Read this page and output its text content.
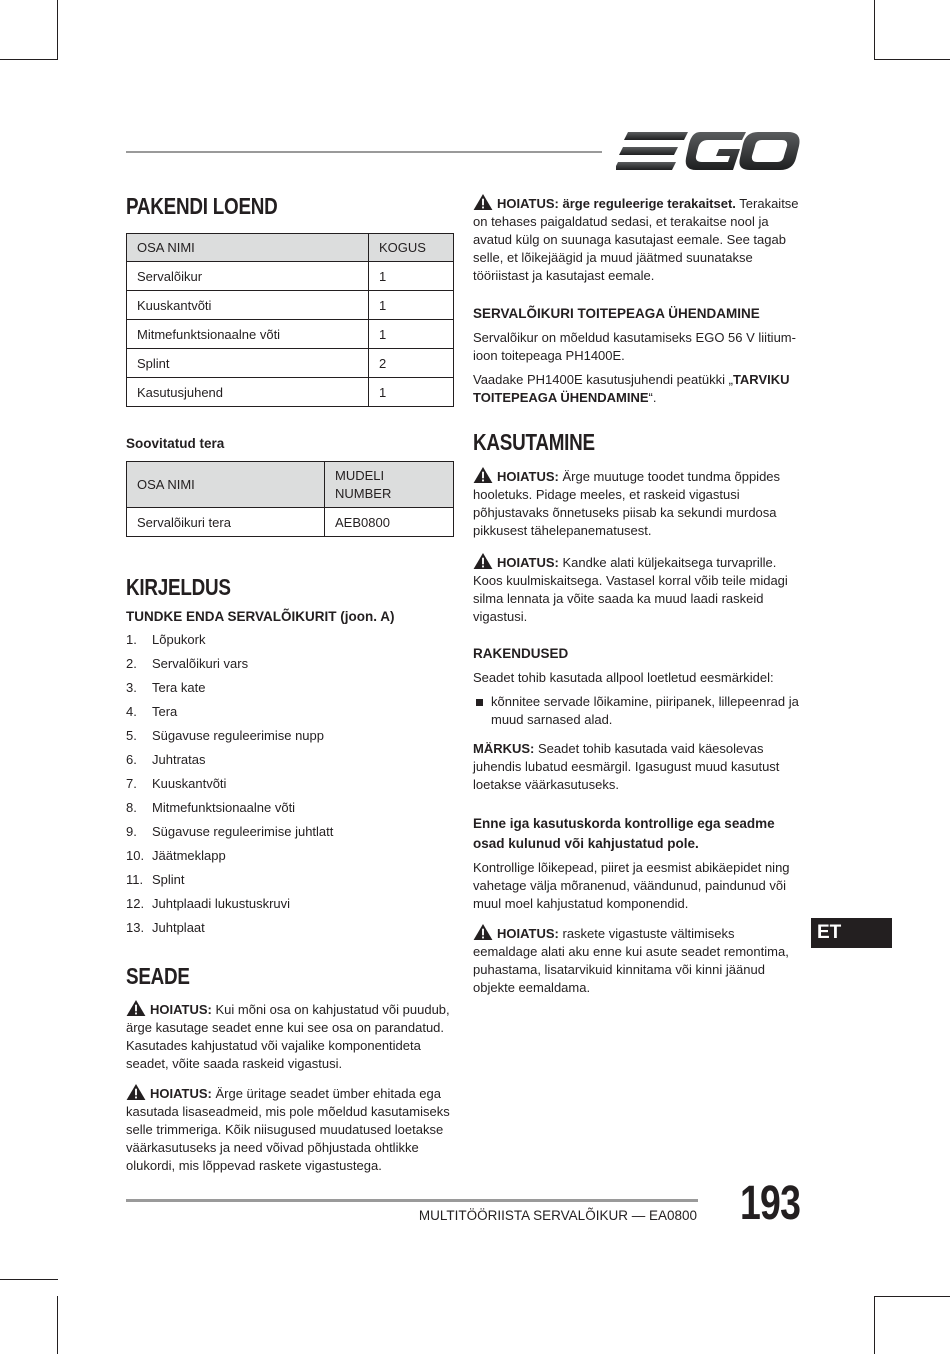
PAKENDI LOEND
OSA NIMI	KOGUS
Servalõikur	1
Kuuskantvõti	1
Mitmefunktsionaalne võti	1
Splint	2
Kasutusjuhend	1
Soovitatud tera
OSA NIMI	MUDELI NUMBER
Servalõikuri tera	AEB0800
KIRJELDUS
TUNDKE ENDA SERVALÕIKURIT (joon. A)
1.	Lõpukork
2.	Servalõikuri vars
3.	Tera kate
4.	Tera
5.	Sügavuse reguleerimise nupp
6.	Juhtratas
7.	Kuuskantvõti
8.	Mitmefunktsionaalne võti
9.	Sügavuse reguleerimise juhtlatt
10. Jäätmeklapp
11. Splint
12. Juhtplaadi lukustuskruvi
13. Juhtplaat
SEADE

HOIATUS: Kui mõni osa on kahjustatud või puudub, ärge kasutage seadet enne kui see osa on parandatud. Kasutades kahjustatud või vajalike komponentideta seadet, võite saada raskeid vigastusi.

HOIATUS: Ärge üritage seadet ümber ehitada ega kasutada lisaseadmeid, mis pole mõeldud kasutamiseks selle trimmeriga. Kõik niisugused muudatused loetakse väärkasutuseks ja need võivad põhjustada ohtlikke olukordi, mis lõppevad raskete vigastustega.

HOIATUS: ärge reguleerige terakaitset. Terakaitse on tehases paigaldatud sedasi, et terakaitse nool ja avatud külg on suunaga kasutajast eemale. See tagab selle, et lõikejäägid ja muud jäätmed suunatakse tööriistast ja kasutajast eemale.

SERVALÕIKURI TOITEPEAGA ÜHENDAMINE

Servalõikur on mõeldud kasutamiseks EGO 56 V liitium-ioon toitepeaga PH1400E.

Vaadake PH1400E kasutusjuhendi peatükki „TARVIKU TOITEPEAGA ÜHENDAMINE“.

KASUTAMINE

HOIATUS: Ärge muutuge toodet tundma õppides hooletuks. Pidage meeles, et raskeid vigastusi põhjustavaks õnnetuseks piisab ka sekundi murdosa pikkusest tähelepanematusest.

HOIATUS: Kandke alati küljekaitsega turvaprille. Koos kuulmiskaitsega. Vastasel korral võib teile midagi silma lennata ja võite saada ka muud laadi raskeid vigastusi.

RAKENDUSED

Seadet tohib kasutada allpool loetletud eesmärkidel:

kõnnitee servade lõikamine, piiripanek, lillepeenrad ja muud sarnased alad.

MÄRKUS: Seadet tohib kasutada vaid käesolevas juhendis lubatud eesmärgil. Igasugust muud kasutust loetakse väärkasutuseks.

Enne iga kasutuskorda kontrollige ega seadme osad kulunud või kahjustatud pole.

Kontrollige lõikepead, piiret ja eesmist abikäepidet ning vahetage välja mõranenud, väändunud, paindunud või muul moel kahjustatud komponendid.

HOIATUS: raskete vigastuste vältimiseks eemaldage alati aku enne kui asute seadet remontima, puhastama, lisatarvikuid kinnitama või kinni jäänud objekte eemaldama.

ET
MULTITÖÖRIISTA SERVALÕIKUR — EA0800 193
